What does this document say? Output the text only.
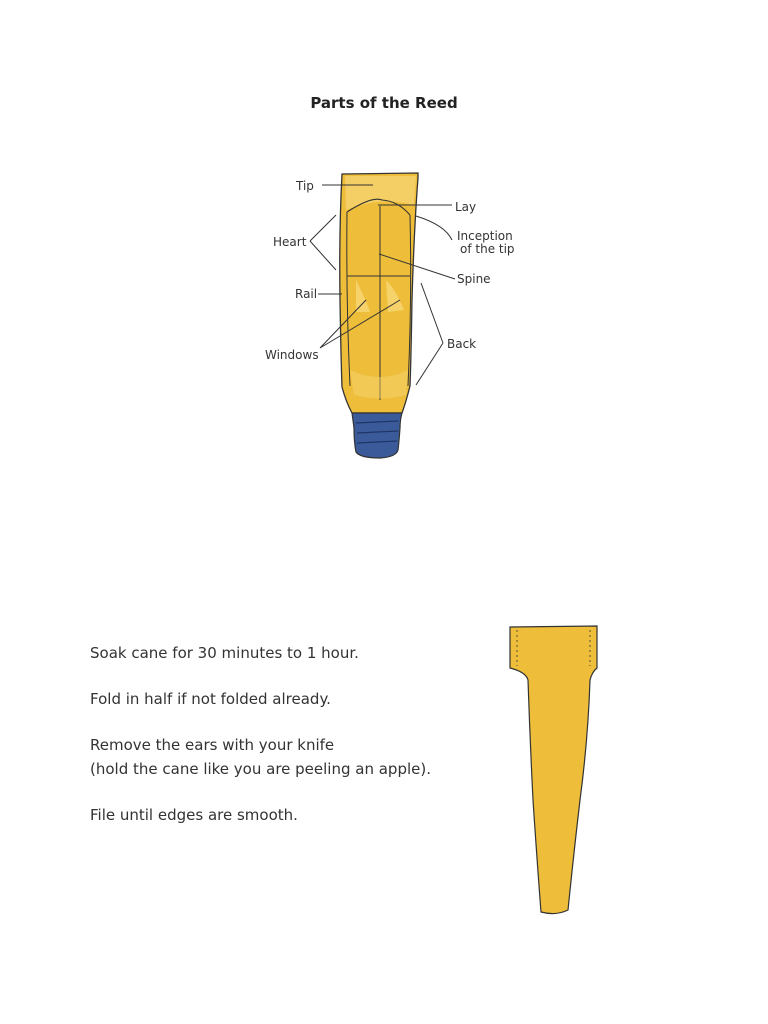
Parts of the Reed
Tip
Lay
Heart	Inception
of the tip
Spine
Rail
Back
Windows

Soak cane for 30 minutes to 1 hour.

Fold in half if not folded already.

Remove the ears with your knife
(hold the cane like you are peeling an apple).

File until edges are smooth.
